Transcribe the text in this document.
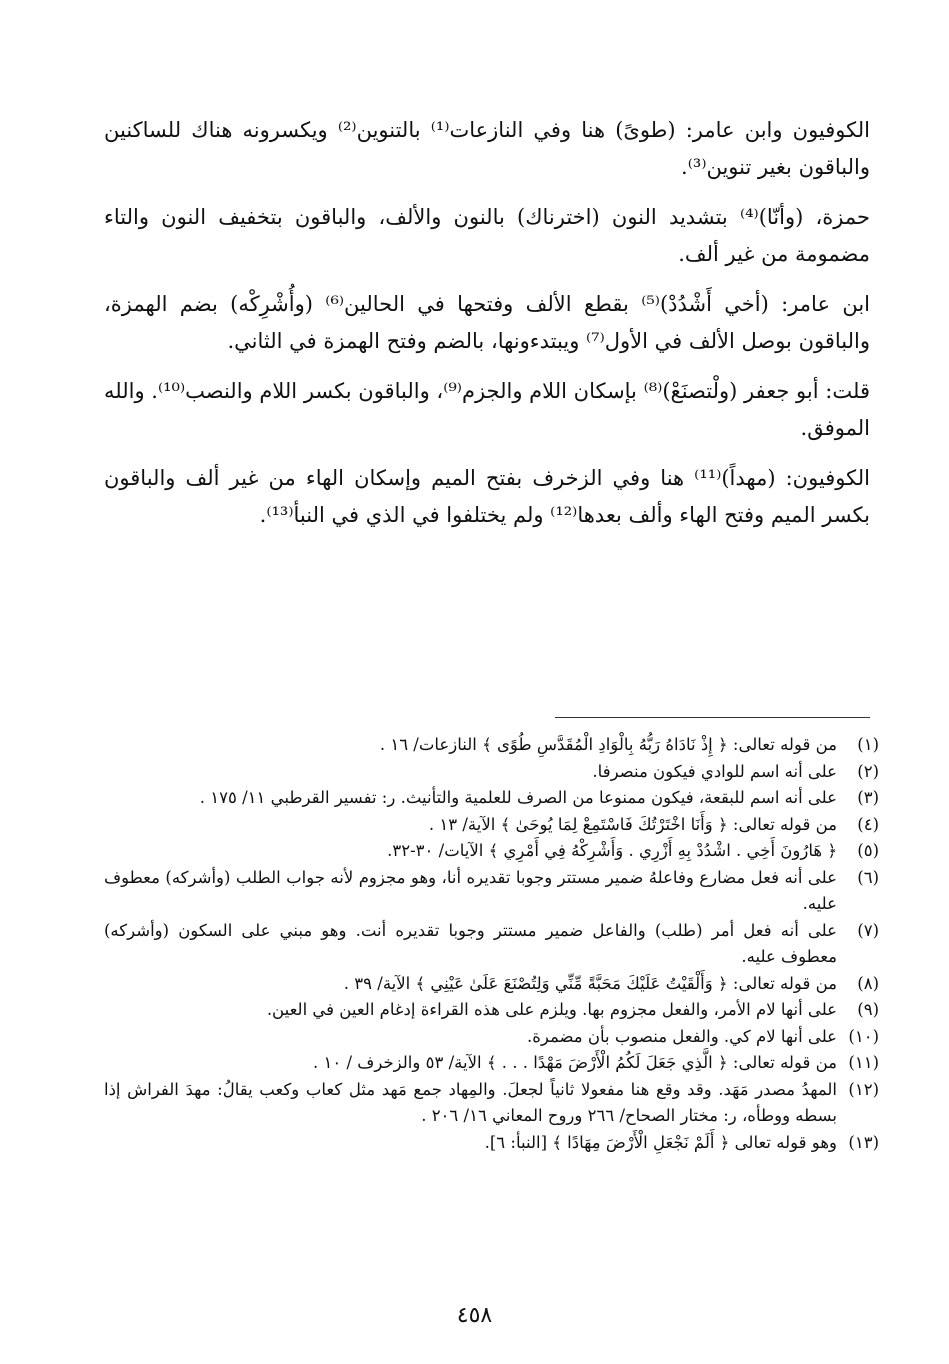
الكوفيون وابن عامر: (طوىً) هنا وفي النازعات⁽¹⁾ بالتنوين⁽²⁾ ويكسرونه هناك للساكنين والباقون بغير تنوين⁽³⁾.

حمزة، (وأنّا)⁽⁴⁾ بتشديد النون (اخترناك) بالنون والألف، والباقون بتخفيف النون والتاء مضمومة من غير ألف.

ابن عامر: (أخي أَشْدُدْ)⁽⁵⁾ بقطع الألف وفتحها في الحالين⁽⁶⁾ (وأُشْرِكْه) بضم الهمزة، والباقون بوصل الألف في الأول⁽⁷⁾ ويبتدءونها، بالضم وفتح الهمزة في الثاني.

قلت: أبو جعفر (ولْتصنَعْ)⁽⁸⁾ بإسكان اللام والجزم⁽⁹⁾، والباقون بكسر اللام والنصب⁽¹⁰⁾. والله الموفق.

الكوفيون: (مهداً)⁽¹¹⁾ هنا وفي الزخرف بفتح الميم وإسكان الهاء من غير ألف والباقون بكسر الميم وفتح الهاء وألف بعدها⁽¹²⁾ ولم يختلفوا في الذي في النبأ⁽¹³⁾.

(١)
من قوله تعالى: ﴿ إِذْ نَادَاهُ رَبُّهُ بِالْوَادِ الْمُقَدَّسِ طُوًى ﴾ النازعات/ ١٦ .
(٢)
على أنه اسم للوادي فيكون منصرفا.
(٣)
على أنه اسم للبقعة، فيكون ممنوعا من الصرف للعلمية والتأنيث. ر: تفسير القرطبي ١١/ ١٧٥ .
(٤)
من قوله تعالى: ﴿ وَأَنَا اخْتَرْتُكَ فَاسْتَمِعْ لِمَا يُوحَىٰ ﴾ الآية/ ١٣ .
(٥)
﴿ هَارُونَ أَخِي . اشْدُدْ بِهِ أَزْرِي . وَأَشْرِكْهُ فِي أَمْرِي ﴾ الآيات/ ٣٠-٣٢.
(٦)
على أنه فعل مضارع وفاعلهُ ضمير مستتر وجوبا تقديره أنا، وهو مجزوم لأنه جواب الطلب (وأشركه) معطوف عليه.
(٧)
على أنه فعل أمر (طلب) والفاعل ضمير مستتر وجوبا تقديره أنت. وهو مبني على السكون (وأشركه) معطوف عليه.
(٨)
من قوله تعالى: ﴿ وَأَلْقَيْتُ عَلَيْكَ مَحَبَّةً مِّنِّي وَلِتُصْنَعَ عَلَىٰ عَيْنِي ﴾ الآية/ ٣٩ .
(٩)
على أنها لام الأمر، والفعل مجزوم بها. ويلزم على هذه القراءة إدغام العين في العين.
(١٠)
على أنها لام كي. والفعل منصوب بأن مضمرة.
(١١)
من قوله تعالى: ﴿ الَّذِي جَعَلَ لَكُمُ الْأَرْضَ مَهْدًا . . . ﴾ الآية/ ٥٣ والزخرف / ١٠ .
(١٢)
المهدُ مصدر مَهَد. وقد وقع هنا مفعولا ثانياً لجعلَ. والمِهاد جمع مَهد مثل كعاب وكعب يقالُ: مهدَ الفراش إذا بسطه ووطأه، ر: مختار الصحاح/ ٢٦٦ وروح المعاني ١٦/ ٢٠٦ .
(١٣)
وهو قوله تعالى ﴿ أَلَمْ نَجْعَلِ الْأَرْضَ مِهَادًا ﴾ [النبأ: ٦].
٤٥٨
